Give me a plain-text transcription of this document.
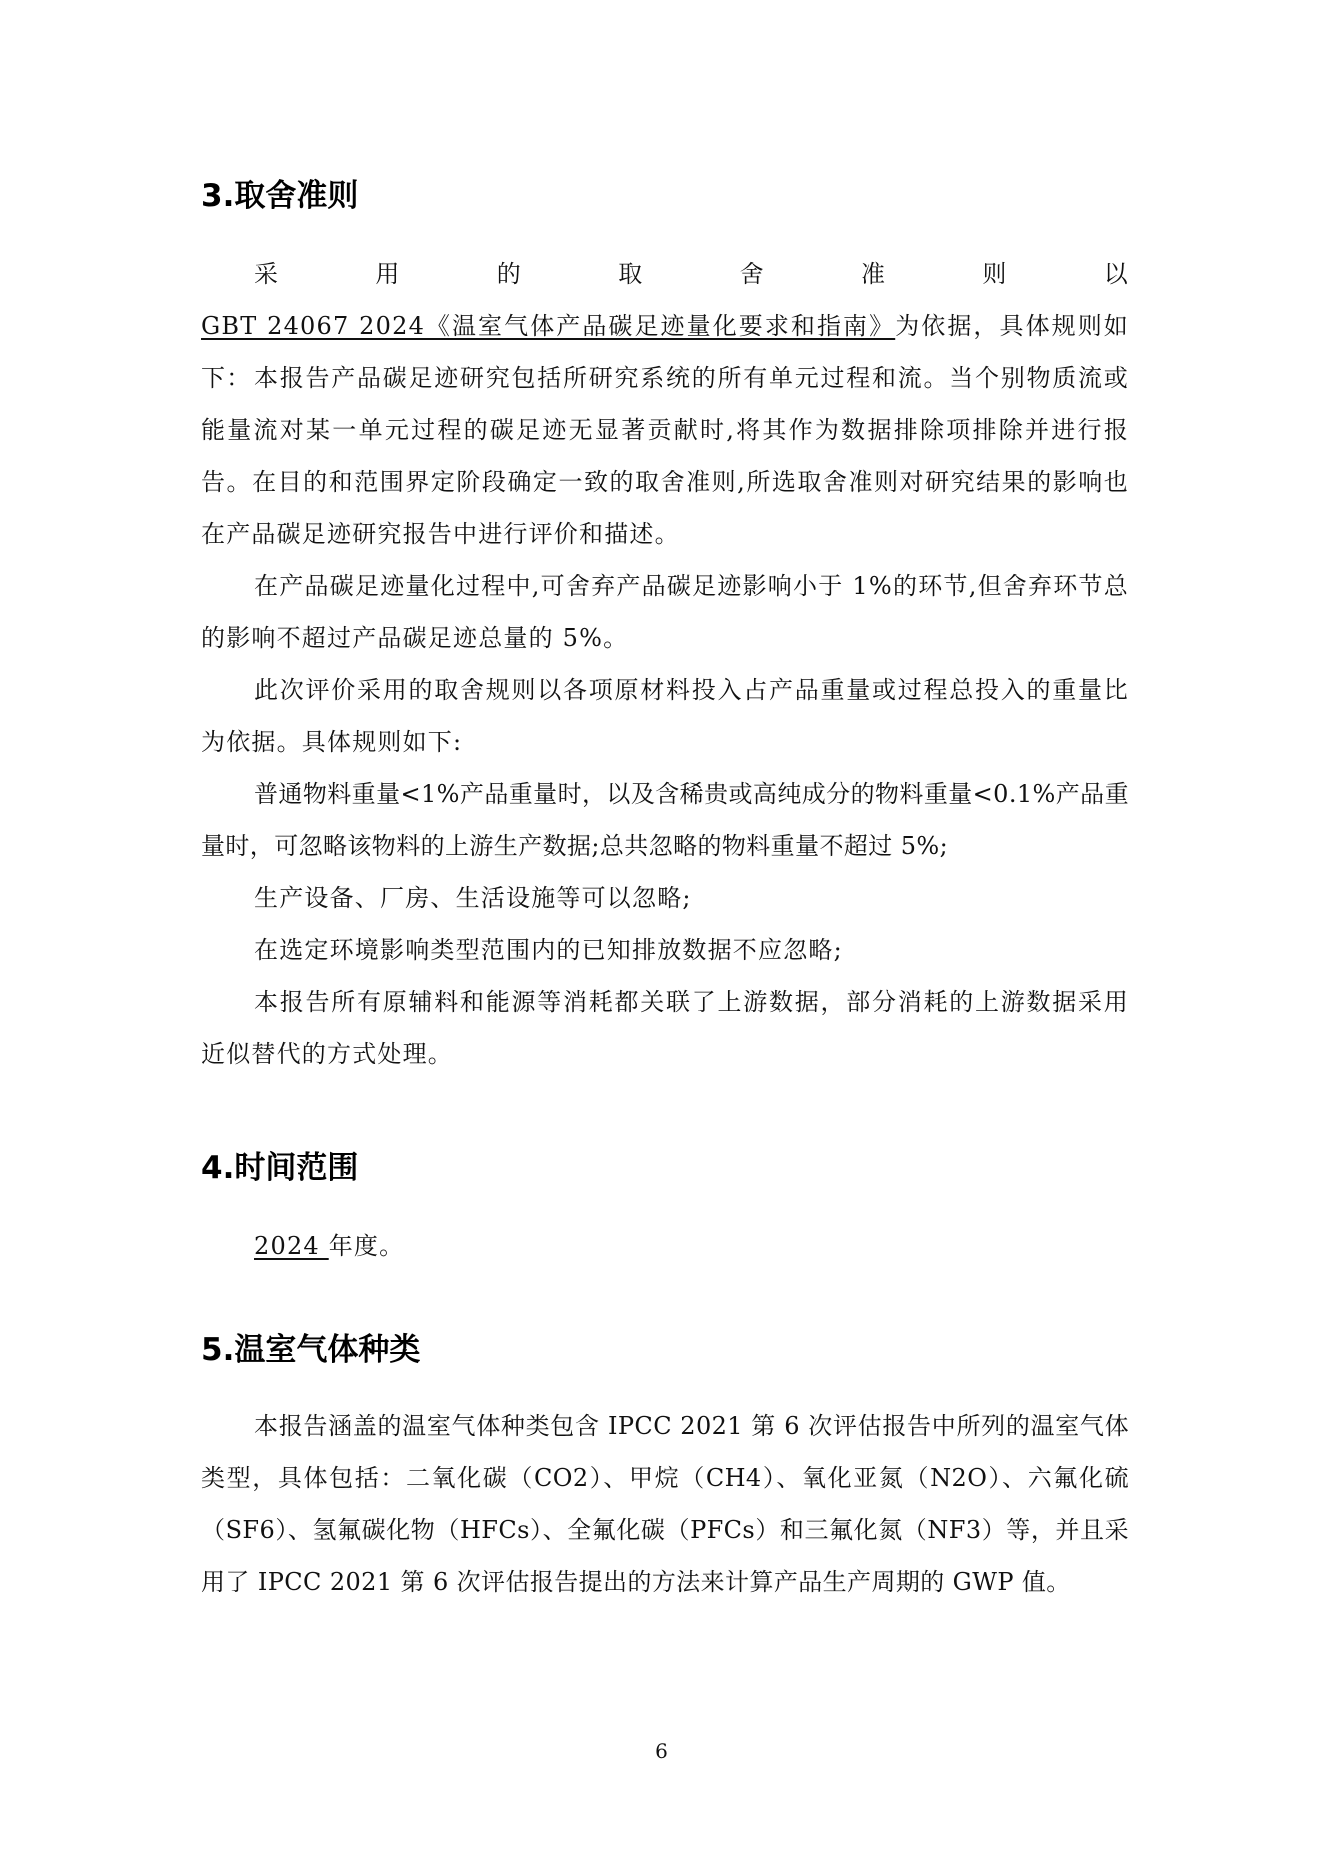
3.取舍准则

采用的取舍准则以 GBT 24067 2024《温室气体产品碳足迹量化要求和指南》为依据，具体规则如下： 本报告产品碳足迹研究包括所研究系统的所有单元过程和流。当个别物质流或能量流对某一单元过程的碳足迹无显著贡献时,将其作为数据排除项排除并进行报告。在目的和范围界定阶段确定一致的取舍准则,所选取舍准则对研究结果的影响也在产品碳足迹研究报告中进行评价和描述。

在产品碳足迹量化过程中,可舍弃产品碳足迹影响小于 1%的环节,但舍弃环节总的影响不超过产品碳足迹总量的 5%。

此次评价采用的取舍规则以各项原材料投入占产品重量或过程总投入的重量比为依据。具体规则如下:

普通物料重量<1%产品重量时，以及含稀贵或高纯成分的物料重量<0.1%产品重量时，可忽略该物料的上游生产数据;总共忽略的物料重量不超过 5%;

生产设备、厂房、生活设施等可以忽略;

在选定环境影响类型范围内的已知排放数据不应忽略;

本报告所有原辅料和能源等消耗都关联了上游数据，部分消耗的上游数据采用近似替代的方式处理。

4.时间范围

2024 年度。

5.温室气体种类

本报告涵盖的温室气体种类包含 IPCC 2021 第 6 次评估报告中所列的温室气体类型，具体包括：二氧化碳（CO2）、甲烷（CH4）、氧化亚氮（N2O）、六氟化硫（SF6）、氢氟碳化物（HFCs）、全氟化碳（PFCs）和三氟化氮（NF3）等，并且采用了 IPCC 2021 第 6 次评估报告提出的方法来计算产品生产周期的 GWP 值。

6
